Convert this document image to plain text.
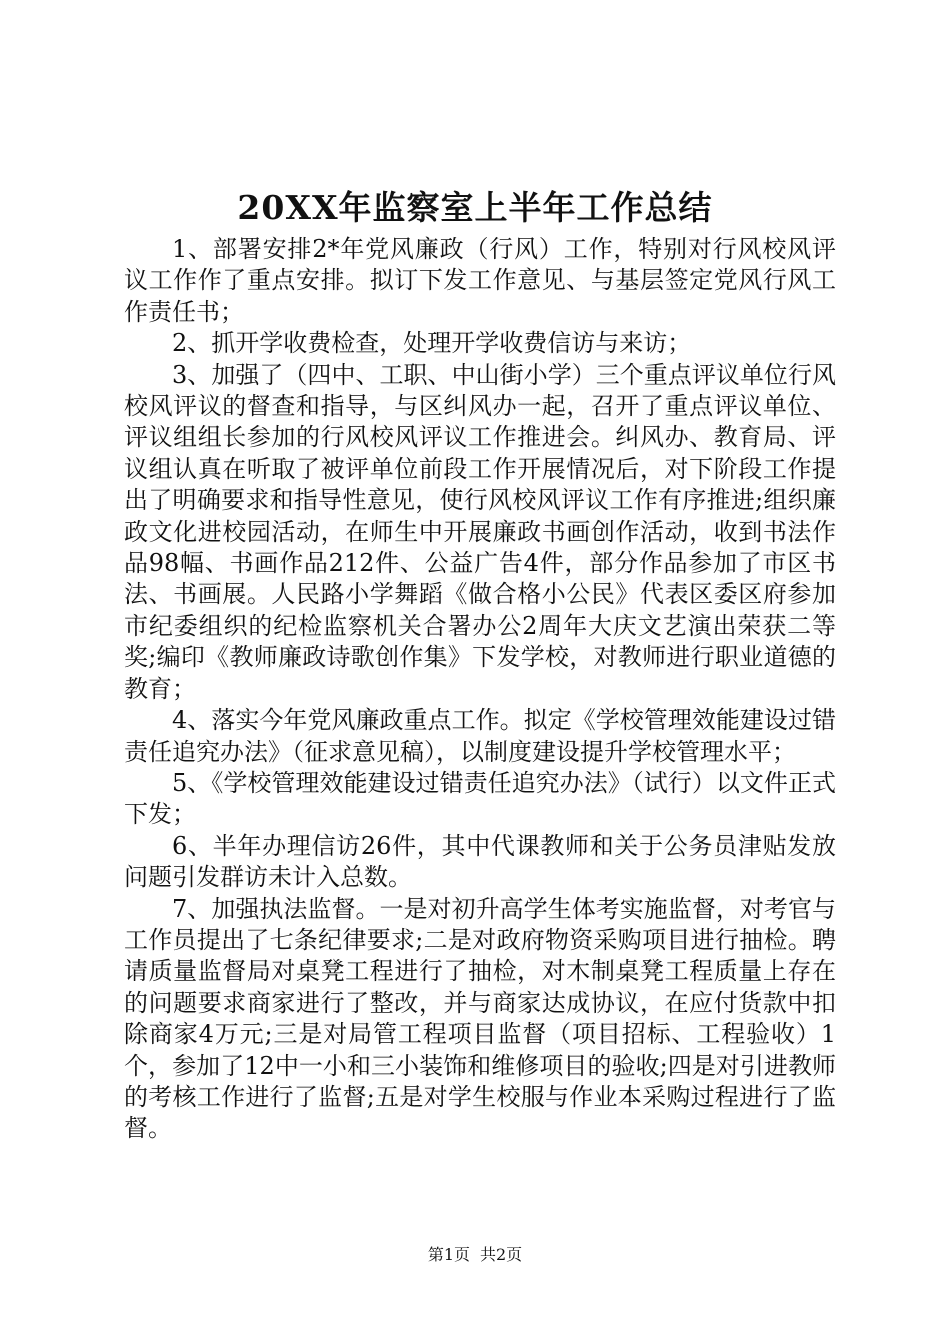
20XX年监察室上半年工作总结

1、部署安排2*年党风廉政（行风）工作，特别对行风校风评议工作作了重点安排。拟订下发工作意见、与基层签定党风行风工作责任书；

2、抓开学收费检查，处理开学收费信访与来访；

3、加强了（四中、工职、中山街小学）三个重点评议单位行风校风评议的督查和指导，与区纠风办一起，召开了重点评议单位、评议组组长参加的行风校风评议工作推进会。纠风办、教育局、评议组认真在听取了被评单位前段工作开展情况后，对下阶段工作提出了明确要求和指导性意见，使行风校风评议工作有序推进;组织廉政文化进校园活动，在师生中开展廉政书画创作活动，收到书法作品98幅、书画作品212件、公益广告4件，部分作品参加了市区书法、书画展。人民路小学舞蹈《做合格小公民》代表区委区府参加市纪委组织的纪检监察机关合署办公2周年大庆文艺演出荣获二等奖;编印《教师廉政诗歌创作集》下发学校，对教师进行职业道德的教育；

4、落实今年党风廉政重点工作。拟定《学校管理效能建设过错责任追究办法》（征求意见稿），以制度建设提升学校管理水平；

5、《学校管理效能建设过错责任追究办法》（试行）以文件正式下发；

6、半年办理信访26件，其中代课教师和关于公务员津贴发放问题引发群访未计入总数。

7、加强执法监督。一是对初升高学生体考实施监督，对考官与工作员提出了七条纪律要求;二是对政府物资采购项目进行抽检。聘请质量监督局对桌凳工程进行了抽检，对木制桌凳工程质量上存在的问题要求商家进行了整改，并与商家达成协议，在应付货款中扣除商家4万元;三是对局管工程项目监督（项目招标、工程验收）1个，参加了12中一小和三小装饰和维修项目的验收;四是对引进教师的考核工作进行了监督;五是对学生校服与作业本采购过程进行了监督。

第1页 共2页
